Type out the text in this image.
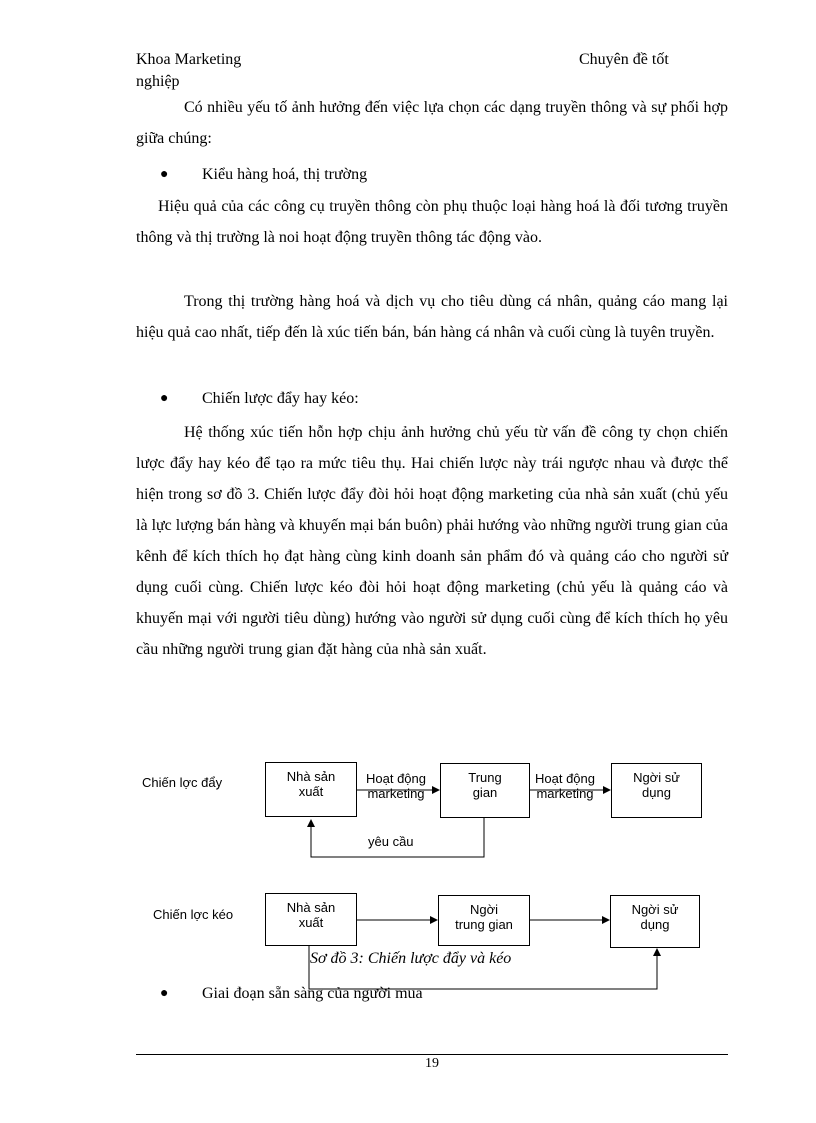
Khoa Marketing	Chuyên đề tốt
nghiệp

Có nhiều yếu tố ảnh hưởng đến việc lựa chọn các dạng truyền thông và sự phối hợp giữa chúng:

● Kiểu hàng hoá, thị trường

Hiệu quả của các công cụ truyền thông còn phụ thuộc loại hàng hoá là đối tương truyền thông và thị trường là noi hoạt động truyền thông tác động vào.

Trong thị trường hàng hoá và dịch vụ cho tiêu dùng cá nhân, quảng cáo mang lại hiệu quả cao nhất, tiếp đến là xúc tiến bán, bán hàng cá nhân và cuối cùng là tuyên truyền.

● Chiến lược đẩy hay kéo:

Hệ thống xúc tiến hỗn hợp chịu ảnh hưởng chủ yếu từ vấn đề công ty chọn chiến lược đẩy hay kéo để tạo ra mức tiêu thụ. Hai chiến lược này trái ngược nhau và được thể hiện trong sơ đồ 3. Chiến lược đẩy đòi hỏi hoạt động marketing của nhà sản xuất (chủ yếu là lực lượng bán hàng và khuyến mại bán buôn) phải hướng vào những người trung gian của kênh để kích thích họ đạt hàng cùng kinh doanh sản phẩm đó và quảng cáo cho người sử dụng cuối cùng. Chiến lược kéo đòi hỏi hoạt động marketing (chủ yếu là quảng cáo và khuyến mại với người tiêu dùng) hướng vào người sử dụng cuối cùng để kích thích họ yêu cầu những người trung gian đặt hàng của nhà sản xuất.

Chiến lợc đẩy	Nhà sản
xuất
Hoạt động
marketing
Trung
gian
Hoạt động
marketing
Ngời sử
dụng
yêu cầu
Chiến lợc kéo	Nhà sản
xuất
Ngời
trung gian
Ngời sử
dụng
Sơ đồ 3: Chiến lược đẩy và kéo
● Giai đoạn sẵn sàng của người mua
19
